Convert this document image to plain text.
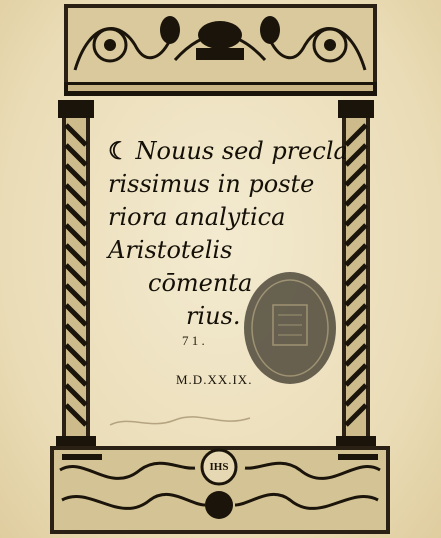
☾ Nouus sed precla
rissimus in poste
riora analytica
Aristotelis
cōmenta
rius.
7 1 .
M.D.XX.IX.
IHS
